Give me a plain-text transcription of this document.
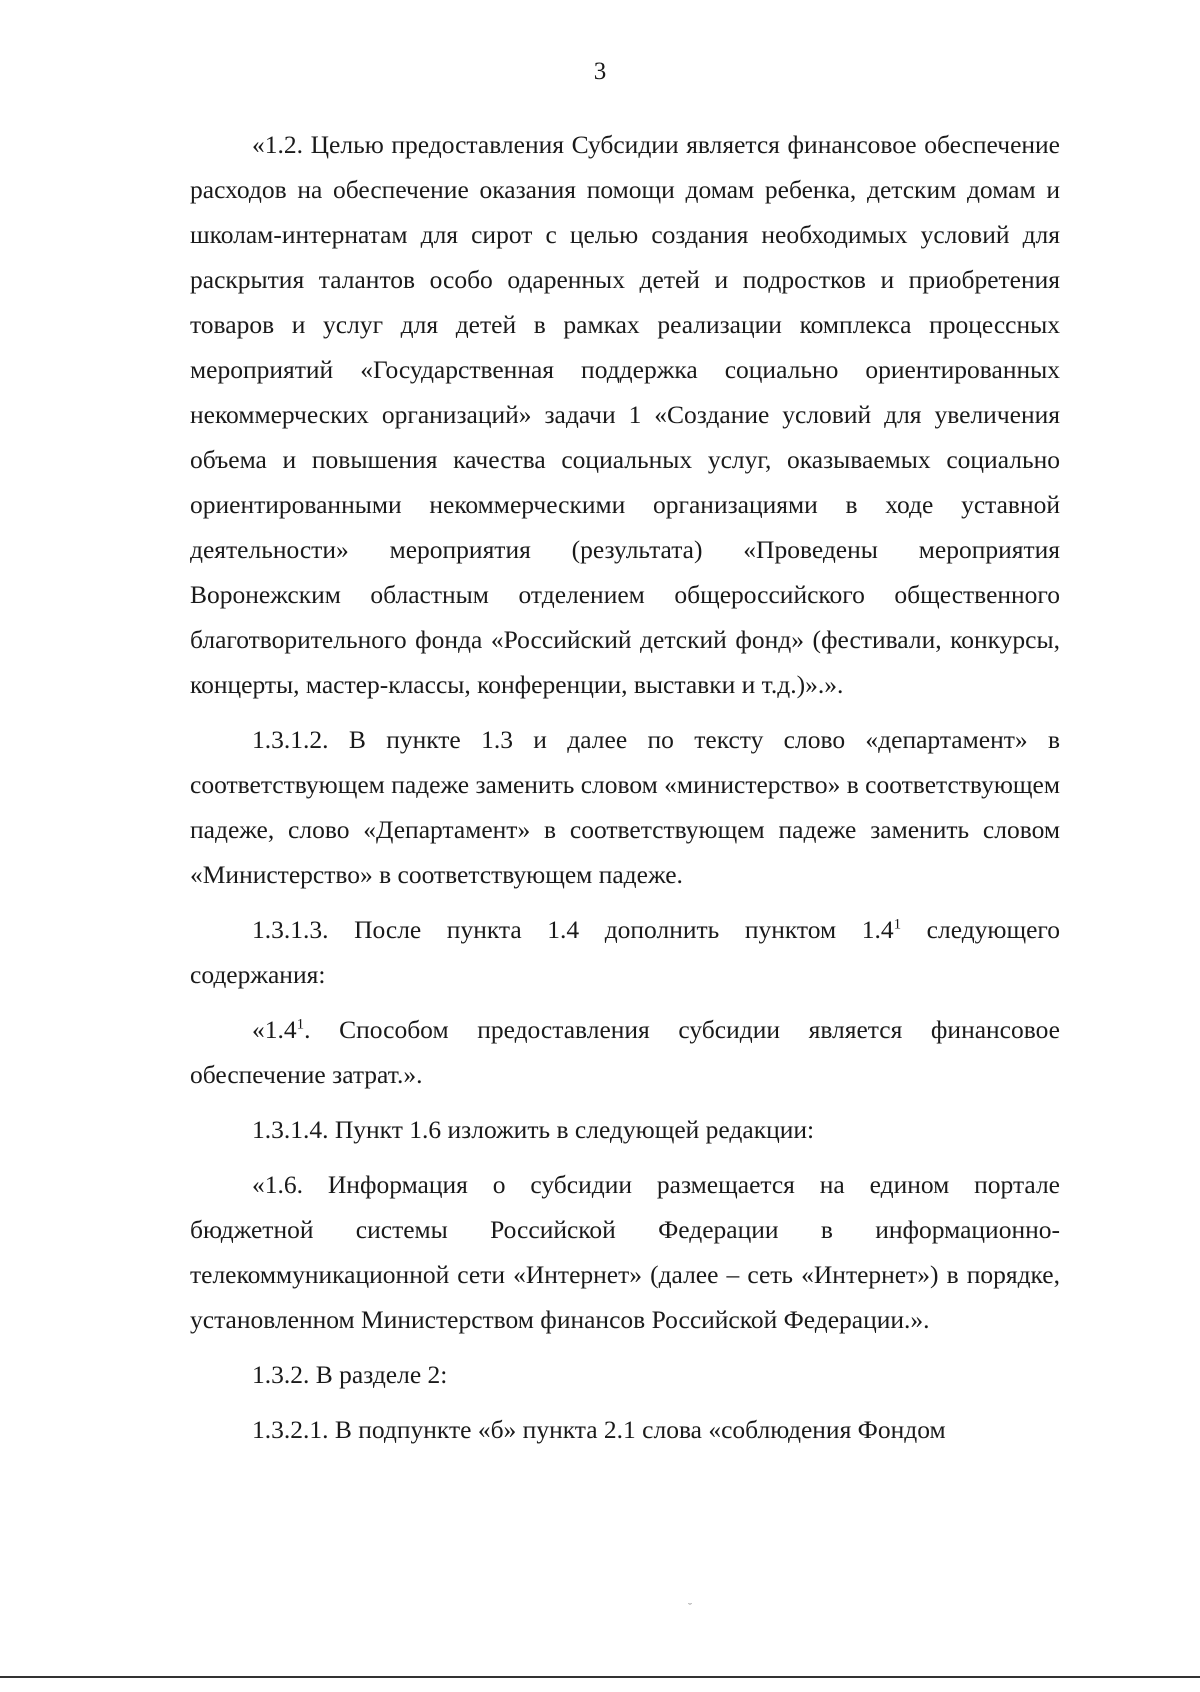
3

«1.2. Целью предоставления Субсидии является финансовое обеспечение расходов на обеспечение оказания помощи домам ребенка, детским домам и школам-интернатам для сирот с целью создания необходимых условий для раскрытия талантов особо одаренных детей и подростков и приобретения товаров и услуг для детей в рамках реализации комплекса процессных мероприятий «Государственная поддержка социально ориентированных некоммерческих организаций» задачи 1 «Создание условий для увеличения объема и повышения качества социальных услуг, оказываемых социально ориентированными некоммерческими организациями в ходе уставной деятельности» мероприятия (результата) «Проведены мероприятия Воронежским областным отделением общероссийского общественного благотворительного фонда «Российский детский фонд» (фестивали, конкурсы, концерты, мастер-классы, конференции, выставки и т.д.)».».

1.3.1.2. В пункте 1.3 и далее по тексту слово «департамент» в соответствующем падеже заменить словом «министерство» в соответствующем падеже, слово «Департамент» в соответствующем падеже заменить словом «Министерство» в соответствующем падеже.

1.3.1.3. После пункта 1.4 дополнить пунктом $1.4^1$ следующего содержания:

«$1.4^1$. Способом предоставления субсидии является финансовое обеспечение затрат.».

1.3.1.4. Пункт 1.6 изложить в следующей редакции:

«1.6. Информация о субсидии размещается на едином портале бюджетной системы Российской Федерации в информационно-телекоммуникационной сети «Интернет» (далее – сеть «Интернет») в порядке, установленном Министерством финансов Российской Федерации.».

1.3.2. В разделе 2:

1.3.2.1. В подпункте «б» пункта 2.1 слова «соблюдения Фондом

˘
